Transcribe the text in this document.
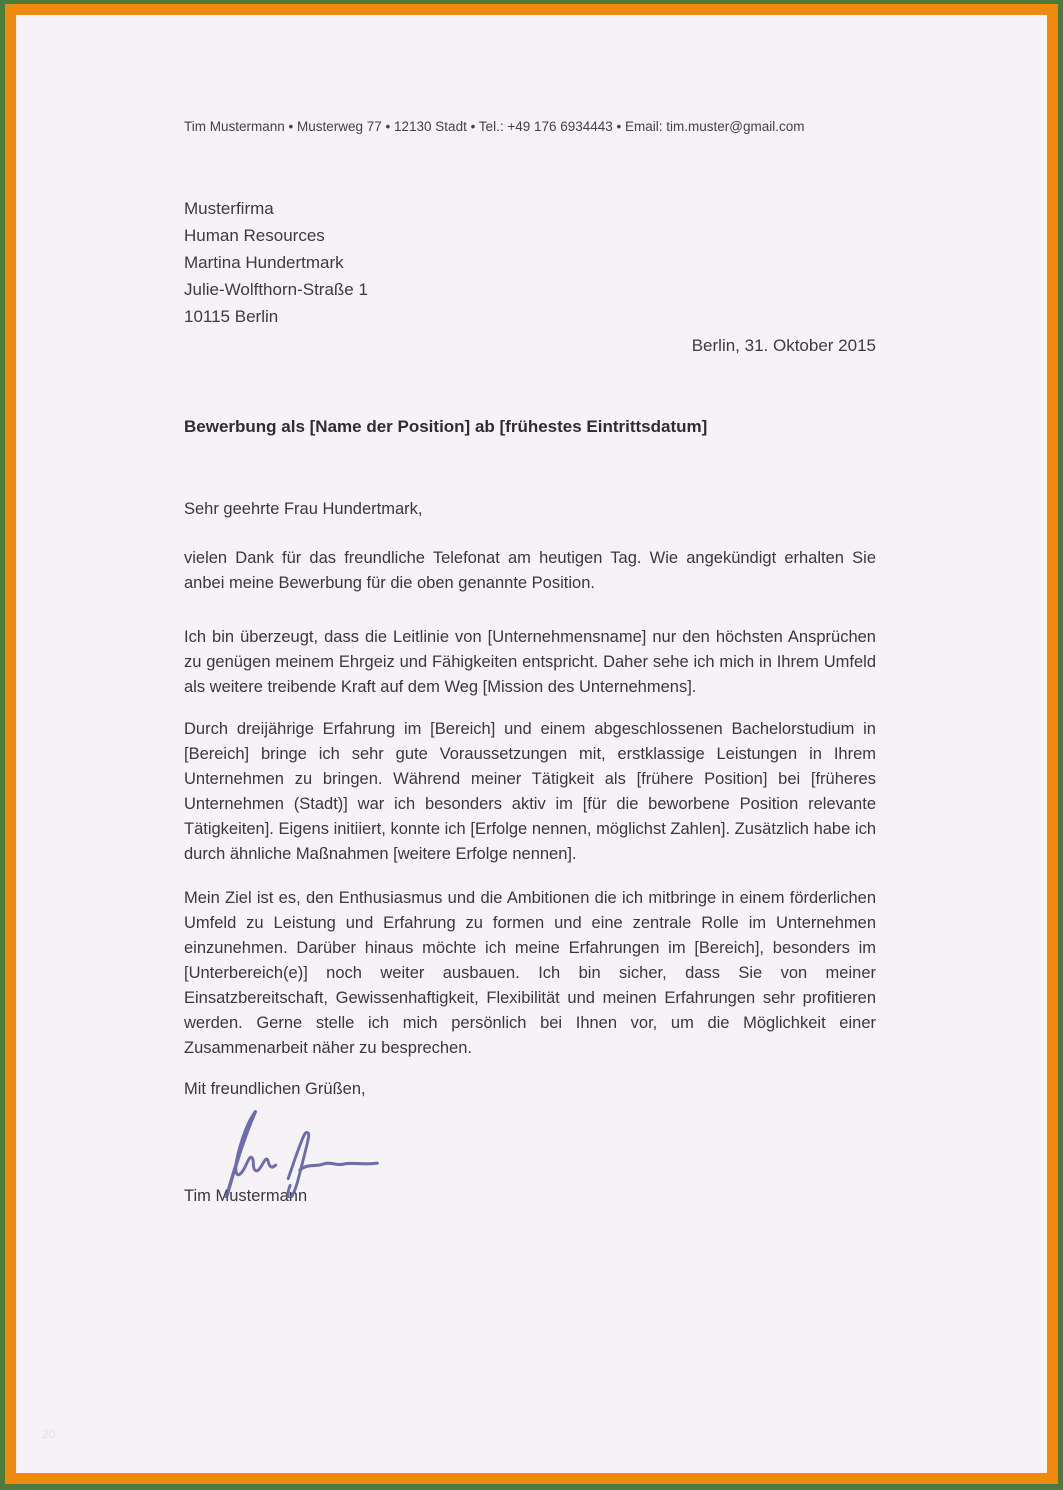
Tim Mustermann • Musterweg 77 • 12130 Stadt • Tel.: +49 176 6934443 • Email: tim.muster@gmail.com
Musterfirma
Human Resources
Martina Hundertmark
Julie-Wolfthorn-Straße 1
10115 Berlin
Berlin, 31. Oktober 2015
Bewerbung als [Name der Position] ab [frühestes Eintrittsdatum]
Sehr geehrte Frau Hundertmark,

vielen Dank für das freundliche Telefonat am heutigen Tag. Wie angekündigt erhalten Sie anbei meine Bewerbung für die oben genannte Position.

Ich bin überzeugt, dass die Leitlinie von [Unternehmensname] nur den höchsten Ansprüchen zu genügen meinem Ehrgeiz und Fähigkeiten entspricht. Daher sehe ich mich in Ihrem Umfeld als weitere treibende Kraft auf dem Weg [Mission des Unternehmens].

Durch dreijährige Erfahrung im [Bereich] und einem abgeschlossenen Bachelorstudium in [Bereich] bringe ich sehr gute Voraussetzungen mit, erstklassige Leistungen in Ihrem Unternehmen zu bringen. Während meiner Tätigkeit als [frühere Position] bei [früheres Unternehmen (Stadt)] war ich besonders aktiv im [für die beworbene Position relevante Tätigkeiten]. Eigens initiiert, konnte ich [Erfolge nennen, möglichst Zahlen]. Zusätzlich habe ich durch ähnliche Maßnahmen [weitere Erfolge nennen].

Mein Ziel ist es, den Enthusiasmus und die Ambitionen die ich mitbringe in einem förderlichen Umfeld zu Leistung und Erfahrung zu formen und eine zentrale Rolle im Unternehmen einzunehmen. Darüber hinaus möchte ich meine Erfahrungen im [Bereich], besonders im [Unterbereich(e)] noch weiter ausbauen. Ich bin sicher, dass Sie von meiner Einsatzbereitschaft, Gewissenhaftigkeit, Flexibilität und meinen Erfahrungen sehr profitieren werden. Gerne stelle ich mich persönlich bei Ihnen vor, um die Möglichkeit einer Zusammenarbeit näher zu besprechen.

Mit freundlichen Grüßen,
Tim Mustermann
20
